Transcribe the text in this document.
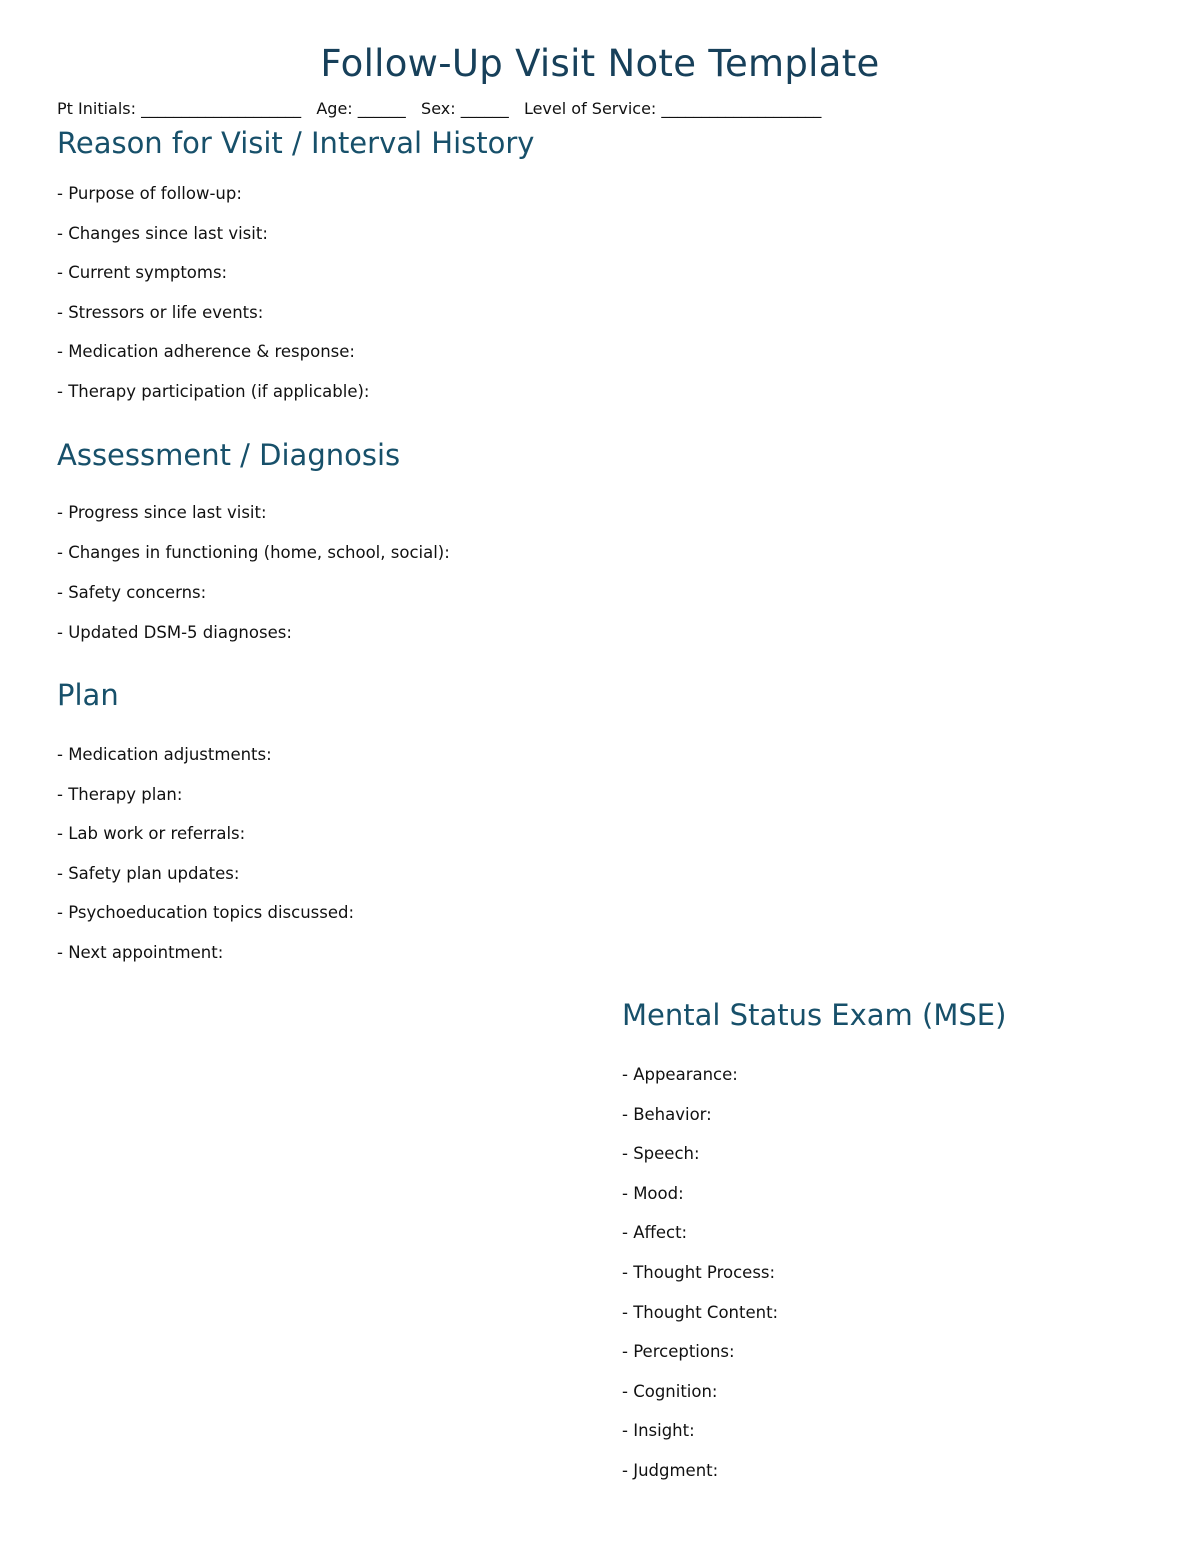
Follow-Up Visit Note Template
Pt Initials: ____________________   Age: ______   Sex: ______   Level of Service: ____________________
Reason for Visit / Interval History
- Purpose of follow-up:
- Changes since last visit:
- Current symptoms:
- Stressors or life events:
- Medication adherence & response:
- Therapy participation (if applicable):
Assessment / Diagnosis
- Progress since last visit:
- Changes in functioning (home, school, social):
- Safety concerns:
- Updated DSM-5 diagnoses:
Plan
- Medication adjustments:
- Therapy plan:
- Lab work or referrals:
- Safety plan updates:
- Psychoeducation topics discussed:
- Next appointment:
Mental Status Exam (MSE)
- Appearance:
- Behavior:
- Speech:
- Mood:
- Affect:
- Thought Process:
- Thought Content:
- Perceptions:
- Cognition:
- Insight:
- Judgment:
